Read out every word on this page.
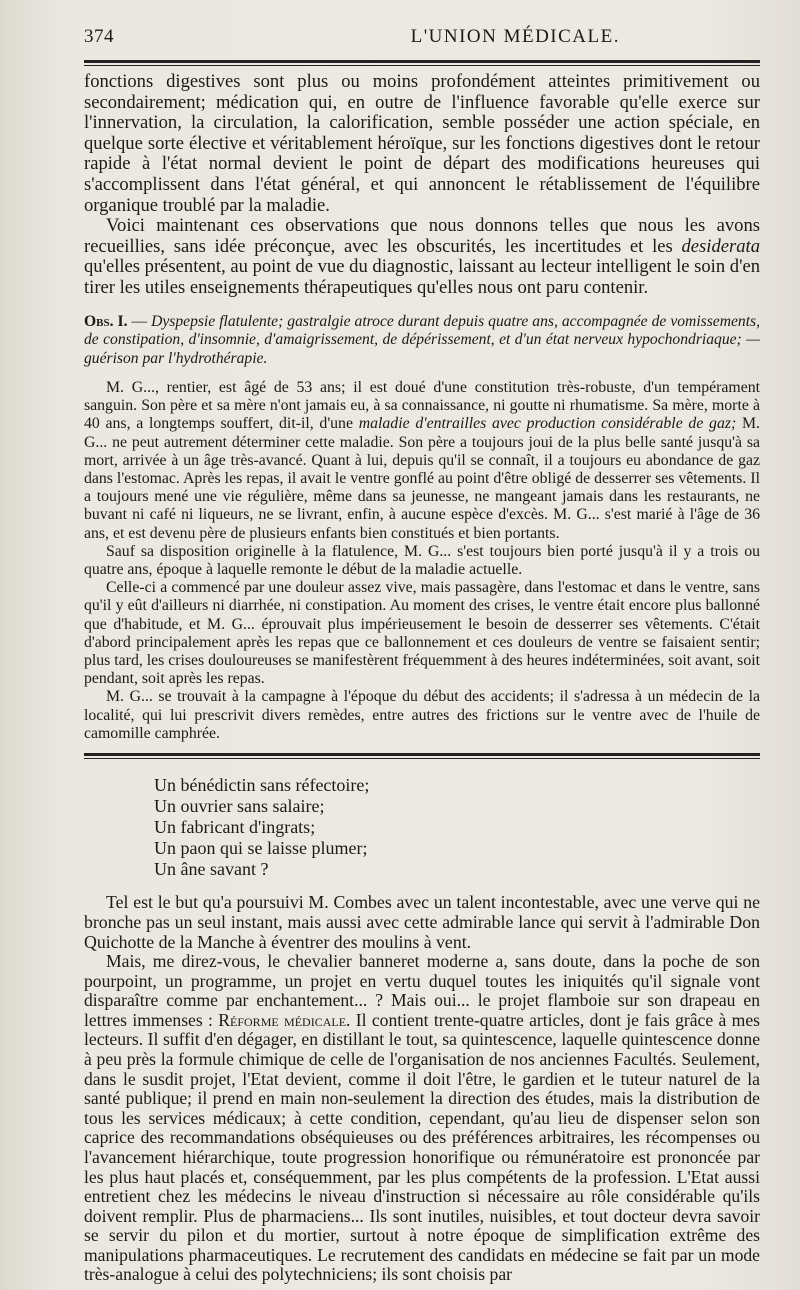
374	L'UNION MÉDICALE.

fonctions digestives sont plus ou moins profondément atteintes primitivement ou secondairement; médication qui, en outre de l'influence favorable qu'elle exerce sur l'innervation, la circulation, la calorification, semble posséder une action spéciale, en quelque sorte élective et véritablement héroïque, sur les fonctions digestives dont le retour rapide à l'état normal devient le point de départ des modifications heureuses qui s'accomplissent dans l'état général, et qui annoncent le rétablissement de l'équilibre organique troublé par la maladie.

Voici maintenant ces observations que nous donnons telles que nous les avons recueillies, sans idée préconçue, avec les obscurités, les incertitudes et les desiderata qu'elles présentent, au point de vue du diagnostic, laissant au lecteur intelligent le soin d'en tirer les utiles enseignements thérapeutiques qu'elles nous ont paru contenir.

Obs. I. — Dyspepsie flatulente; gastralgie atroce durant depuis quatre ans, accompagnée de vomissements, de constipation, d'insomnie, d'amaigrissement, de dépérissement, et d'un état nerveux hypochondriaque; — guérison par l'hydrothérapie.

M. G..., rentier, est âgé de 53 ans; il est doué d'une constitution très-robuste, d'un tempérament sanguin. Son père et sa mère n'ont jamais eu, à sa connaissance, ni goutte ni rhumatisme. Sa mère, morte à 40 ans, a longtemps souffert, dit-il, d'une maladie d'entrailles avec production considérable de gaz; M. G... ne peut autrement déterminer cette maladie. Son père a toujours joui de la plus belle santé jusqu'à sa mort, arrivée à un âge très-avancé. Quant à lui, depuis qu'il se connaît, il a toujours eu abondance de gaz dans l'estomac. Après les repas, il avait le ventre gonflé au point d'être obligé de desserrer ses vêtements. Il a toujours mené une vie régulière, même dans sa jeunesse, ne mangeant jamais dans les restaurants, ne buvant ni café ni liqueurs, ne se livrant, enfin, à aucune espèce d'excès. M. G... s'est marié à l'âge de 36 ans, et est devenu père de plusieurs enfants bien constitués et bien portants.

Sauf sa disposition originelle à la flatulence, M. G... s'est toujours bien porté jusqu'à il y a trois ou quatre ans, époque à laquelle remonte le début de la maladie actuelle.

Celle-ci a commencé par une douleur assez vive, mais passagère, dans l'estomac et dans le ventre, sans qu'il y eût d'ailleurs ni diarrhée, ni constipation. Au moment des crises, le ventre était encore plus ballonné que d'habitude, et M. G... éprouvait plus impérieusement le besoin de desserrer ses vêtements. C'était d'abord principalement après les repas que ce ballonnement et ces douleurs de ventre se faisaient sentir; plus tard, les crises douloureuses se manifestèrent fréquemment à des heures indéterminées, soit avant, soit pendant, soit après les repas.

M. G... se trouvait à la campagne à l'époque du début des accidents; il s'adressa à un médecin de la localité, qui lui prescrivit divers remèdes, entre autres des frictions sur le ventre avec de l'huile de camomille camphrée.

Un bénédictin sans réfectoire;
Un ouvrier sans salaire;
Un fabricant d'ingrats;
Un paon qui se laisse plumer;
Un âne savant ?

Tel est le but qu'a poursuivi M. Combes avec un talent incontestable, avec une verve qui ne bronche pas un seul instant, mais aussi avec cette admirable lance qui servit à l'admirable Don Quichotte de la Manche à éventrer des moulins à vent.

Mais, me direz-vous, le chevalier banneret moderne a, sans doute, dans la poche de son pourpoint, un programme, un projet en vertu duquel toutes les iniquités qu'il signale vont disparaître comme par enchantement... ? Mais oui... le projet flamboie sur son drapeau en lettres immenses : Réforme médicale. Il contient trente-quatre articles, dont je fais grâce à mes lecteurs. Il suffit d'en dégager, en distillant le tout, sa quintescence, laquelle quintescence donne à peu près la formule chimique de celle de l'organisation de nos anciennes Facultés. Seulement, dans le susdit projet, l'Etat devient, comme il doit l'être, le gardien et le tuteur naturel de la santé publique; il prend en main non-seulement la direction des études, mais la distribution de tous les services médicaux; à cette condition, cependant, qu'au lieu de dispenser selon son caprice des recommandations obséquieuses ou des préférences arbitraires, les récompenses ou l'avancement hiérarchique, toute progression honorifique ou rémunératoire est prononcée par les plus haut placés et, conséquemment, par les plus compétents de la profession. L'Etat aussi entretient chez les médecins le niveau d'instruction si nécessaire au rôle considérable qu'ils doivent remplir. Plus de pharmaciens... Ils sont inutiles, nuisibles, et tout docteur devra savoir se servir du pilon et du mortier, surtout à notre époque de simplification extrême des manipulations pharmaceutiques. Le recrutement des candidats en médecine se fait par un mode très-analogue à celui des polytechniciens; ils sont choisis par
